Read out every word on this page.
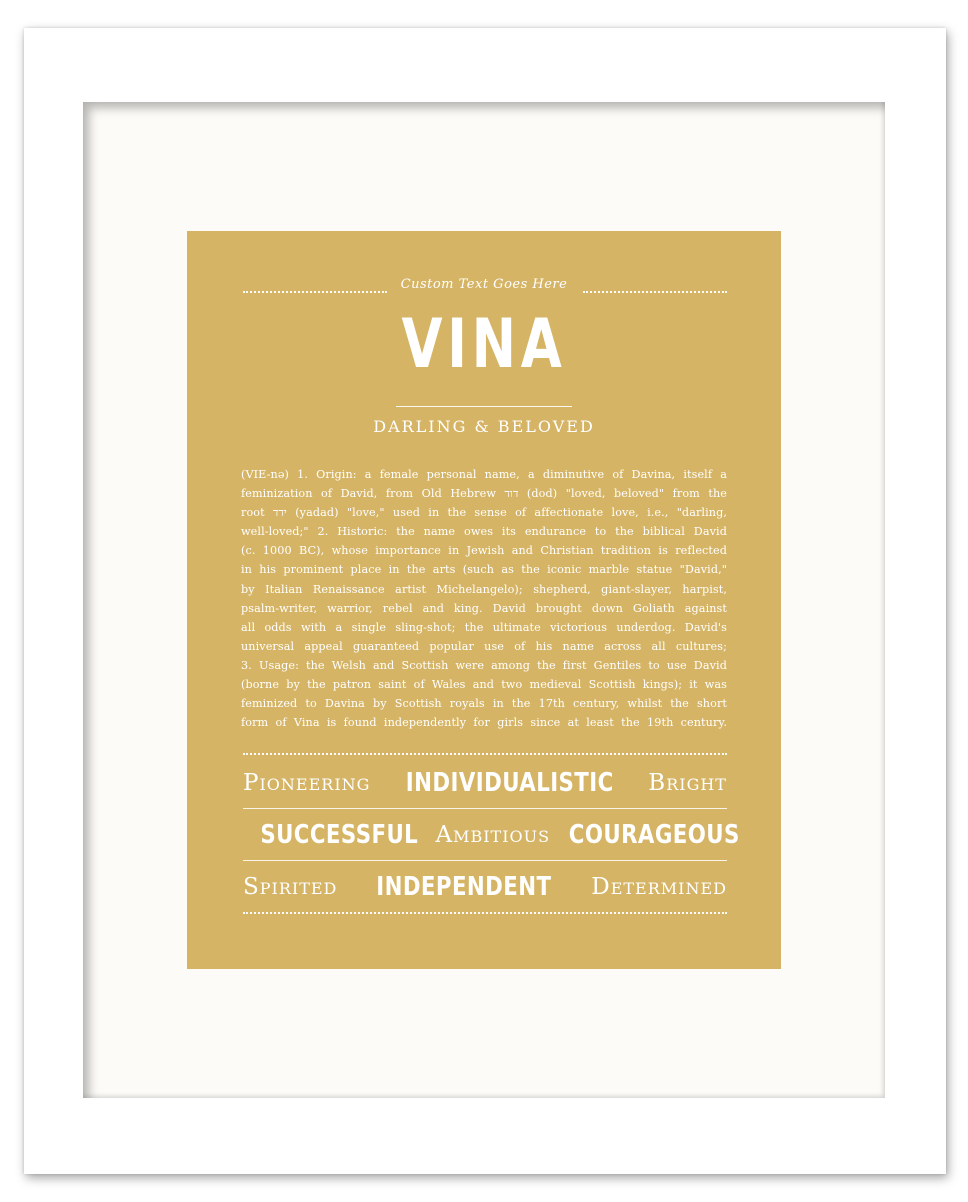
Custom Text Goes Here
VINA
DARLING & BELOVED
(VIE-nə) 1. Origin: a female personal name, a diminutive of Davina, itself a
feminization of David, from Old Hebrew דוד (dod) "loved, beloved" from the
root ידד (yadad) "love," used in the sense of affectionate love, i.e., "darling,
well-loved;" 2. Historic: the name owes its endurance to the biblical David
(c. 1000 BC), whose importance in Jewish and Christian tradition is reflected
in his prominent place in the arts (such as the iconic marble statue "David,"
by Italian Renaissance artist Michelangelo); shepherd, giant-slayer, harpist,
psalm-writer, warrior, rebel and king. David brought down Goliath against
all odds with a single sling-shot; the ultimate victorious underdog. David's
universal appeal guaranteed popular use of his name across all cultures;
3. Usage: the Welsh and Scottish were among the first Gentiles to use David
(borne by the patron saint of Wales and two medieval Scottish kings); it was
feminized to Davina by Scottish royals in the 17th century, whilst the short
form of Vina is found independently for girls since at least the 19th century.
Pioneering INDIVIDUALISTIC Bright
SUCCESSFUL Ambitious COURAGEOUS
Spirited INDEPENDENT Determined
